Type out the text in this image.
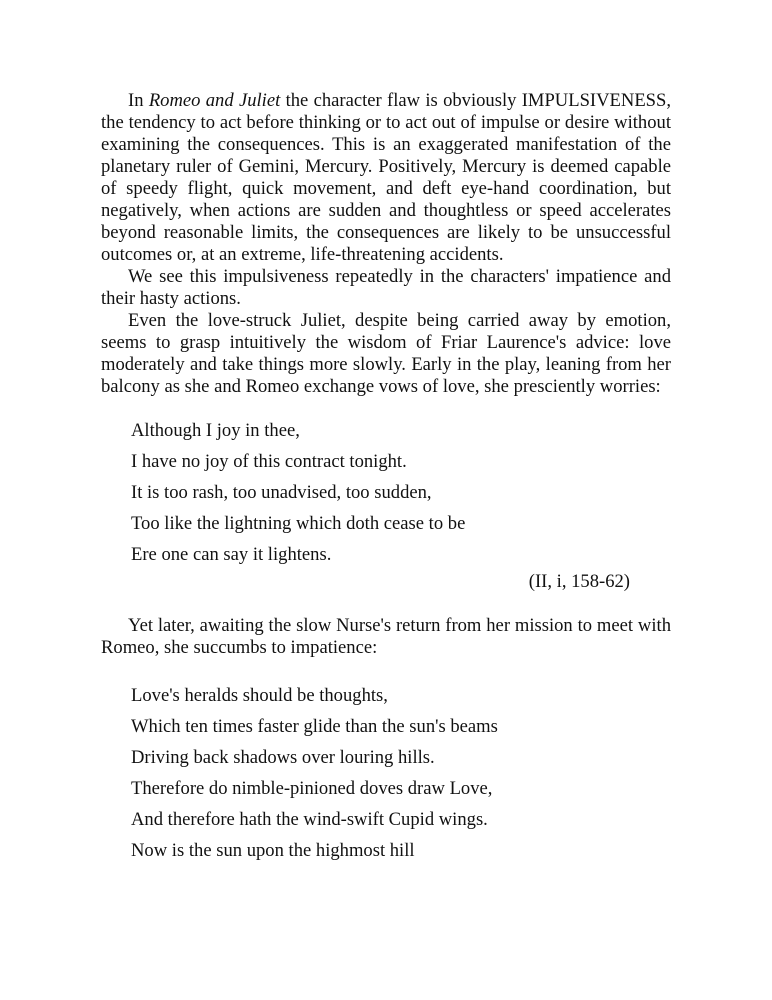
In Romeo and Juliet the character flaw is obviously IMPULSIVENESS, the tendency to act before thinking or to act out of impulse or desire without examining the consequences. This is an exaggerated manifestation of the planetary ruler of Gemini, Mercury. Positively, Mercury is deemed capable of speedy flight, quick movement, and deft eye-hand coordination, but negatively, when actions are sudden and thoughtless or speed accelerates beyond reasonable limits, the consequences are likely to be unsuccessful outcomes or, at an extreme, life-threatening accidents.

We see this impulsiveness repeatedly in the characters' impatience and their hasty actions.

Even the love-struck Juliet, despite being carried away by emotion, seems to grasp intuitively the wisdom of Friar Laurence's advice: love moderately and take things more slowly. Early in the play, leaning from her balcony as she and Romeo exchange vows of love, she presciently worries:

Although I joy in thee,
I have no joy of this contract tonight.
It is too rash, too unadvised, too sudden,
Too like the lightning which doth cease to be
Ere one can say it lightens.
(II, i, 158-62)

Yet later, awaiting the slow Nurse's return from her mission to meet with Romeo, she succumbs to impatience:

Love's heralds should be thoughts,
Which ten times faster glide than the sun's beams
Driving back shadows over louring hills.
Therefore do nimble-pinioned doves draw Love,
And therefore hath the wind-swift Cupid wings.
Now is the sun upon the highmost hill
